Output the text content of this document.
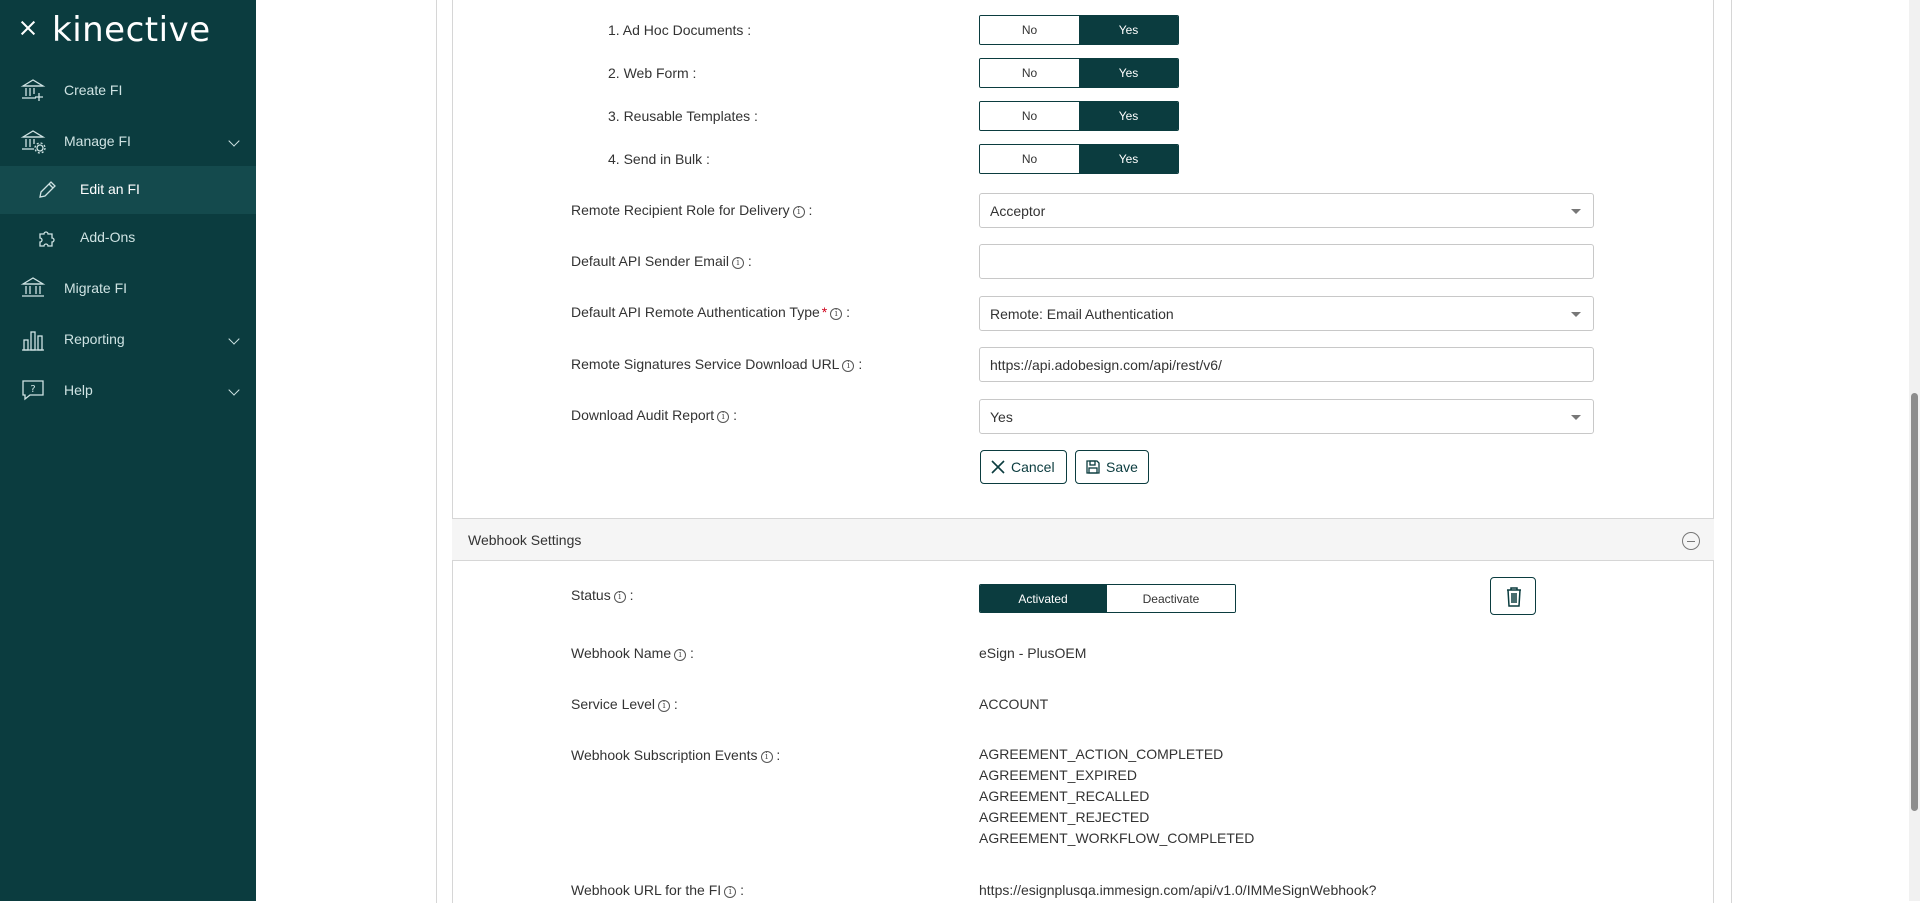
kinective
Create FI
Manage FI
Edit an FI
Add-Ons
Migrate FI
Reporting
? Help
1. Ad Hoc Documents :	No	Yes
2. Web Form :	No	Yes
3. Reusable Templates :	No	Yes
4. Send in Bulk :	No	Yes
Remote Recipient Role for Delivery i :	Acceptor
Default API Sender Email i :
Default API Remote Authentication Type * i :	Remote: Email Authentication
Remote Signatures Service Download URL i :	https://api.adobesign.com/api/rest/v6/
Download Audit Report i :	Yes
Cancel	Save
Webhook Settings
Status i :	Activated	Deactivate
Webhook Name i :	eSign - PlusOEM
Service Level i :	ACCOUNT
Webhook Subscription Events i :	AGREEMENT_ACTION_COMPLETED
AGREEMENT_EXPIRED
AGREEMENT_RECALLED
AGREEMENT_REJECTED
AGREEMENT_WORKFLOW_COMPLETED
Webhook URL for the FI i :	https://esignplusqa.immesign.com/api/v1.0/IMMeSignWebhook?
